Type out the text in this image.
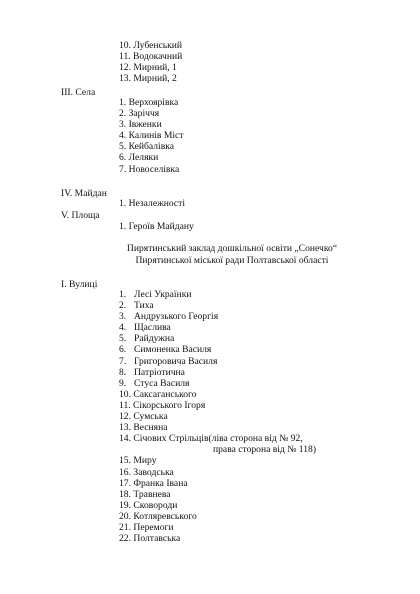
10. Лубенський
11. Водокачний
12. Мирний, 1
13. Мирний, 2
ІІІ. Села
1. Верхоярівка
2. Заріччя
3. Івженки
4. Калинів Міст
5. Кейбалівка
6. Леляки
7. Новоселівка
IV. Майдан
1. Незалежності
V. Площа
1. Героїв Майдану
Пирятинський заклад дошкільної освіти „Сонечко“
Пирятинської міської ради Полтавської області
І. Вулиці
1. Лесі Українки
2. Тиха
3. Андрузького Георгія
4. Щаслива
5. Райдужна
6. Симоненка Василя
7. Григоровича Василя
8. Патріотична
9. Стуса Василя
10. Саксаганського
11. Сікорського Ігоря
12. Сумська
13. Весняна
14. Січових Стрільців(ліва сторона від № 92,
права сторона від № 118)
15. Миру
16. Заводська
17. Франка Івана
18. Травнева
19. Сковороди
20. Котляревського
21. Перемоги
22. Полтавська
